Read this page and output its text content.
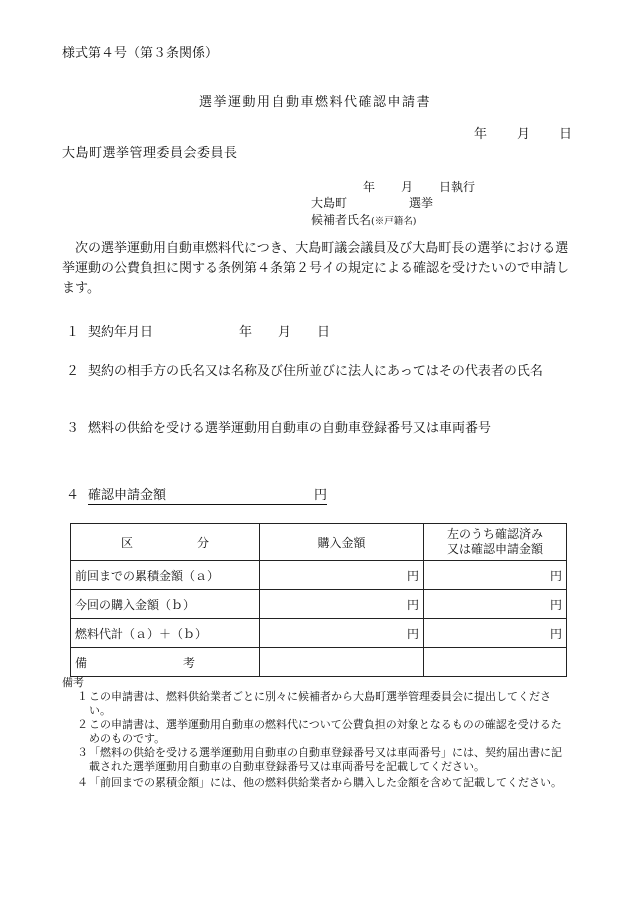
様式第４号（第３条関係）
選挙運動用自動車燃料代確認申請書
年 月 日
大島町選挙管理委員会委員長
年 月 日執行
大島町	選挙
候補者氏名(※戸籍名)
次の選挙運動用自動車燃料代につき、大島町議会議員及び大島町長の選挙における選挙運動の公費負担に関する条例第４条第２号イの規定による確認を受けたいので申請します。
１ 契約年月日	年 月 日
２ 契約の相手方の氏名又は名称及び住所並びに法人にあってはその代表者の氏名
３ 燃料の供給を受ける選挙運動用自動車の自動車登録番号又は車両番号
４ 確認申請金額	円
区 分	購入金額	左のうち確認済み
又は確認申請金額

前回までの累積金額（ａ）	円	円
今回の購入金額（ｂ）	円	円
燃料代計（ａ）＋（ｂ）	円	円
備 考		
備考
１ この申請書は、燃料供給業者ごとに別々に候補者から大島町選挙管理委員会に提出してください。
２ この申請書は、選挙運動用自動車の燃料代について公費負担の対象となるものの確認を受けるためのものです。
３ 「燃料の供給を受ける選挙運動用自動車の自動車登録番号又は車両番号」には、契約届出書に記載された選挙運動用自動車の自動車登録番号又は車両番号を記載してください。
４ 「前回までの累積金額」には、他の燃料供給業者から購入した金額を含めて記載してください。
